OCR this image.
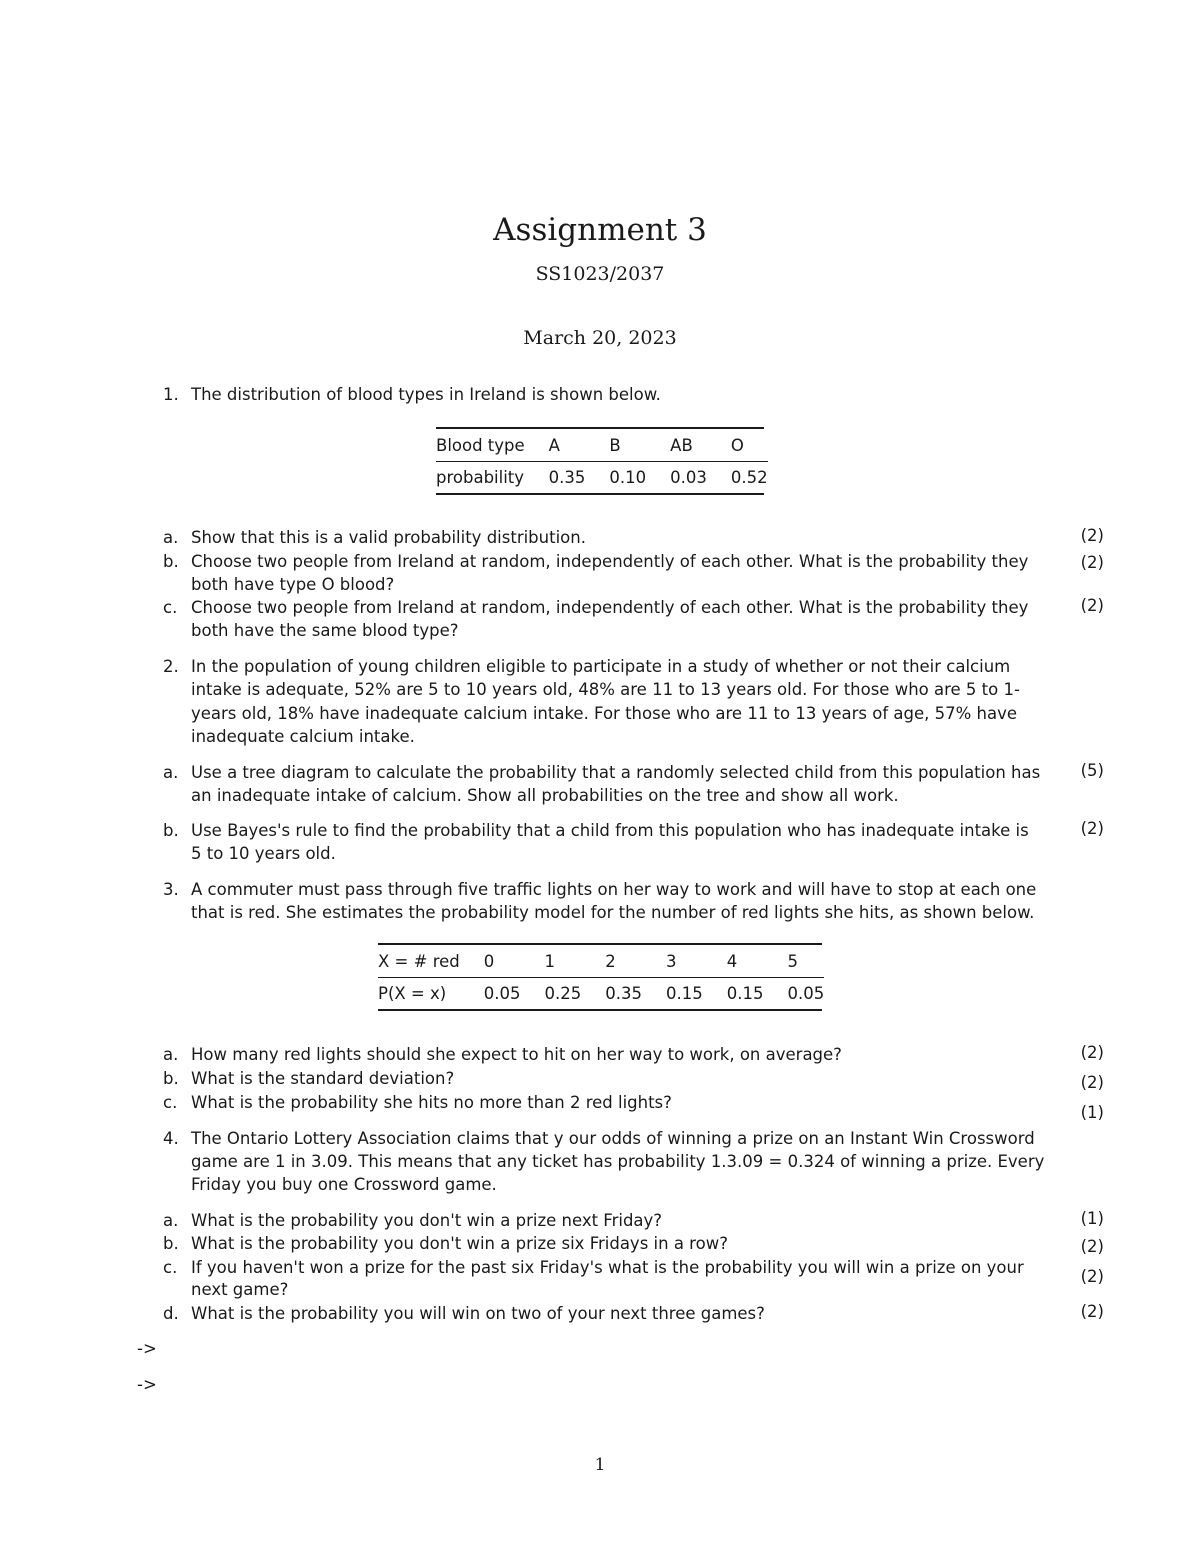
Assignment 3
SS1023/2037
March 20, 2023
1. The distribution of blood types in Ireland is shown below.
Blood type	A	B	AB	O
probability	0.35	0.10	0.03	0.52
a. Show that this is a valid probability distribution.	(2)
b. Choose two people from Ireland at random, independently of each other. What is the probability they
both have type O blood?
(2)
c. Choose two people from Ireland at random, independently of each other. What is the probability they
both have the same blood type?
(2)
2. In the population of young children eligible to participate in a study of whether or not their calcium
intake is adequate, 52% are 5 to 10 years old, 48% are 11 to 13 years old. For those who are 5 to 1-
years old, 18% have inadequate calcium intake. For those who are 11 to 13 years of age, 57% have
inadequate calcium intake.
a. Use a tree diagram to calculate the probability that a randomly selected child from this population has
an inadequate intake of calcium. Show all probabilities on the tree and show all work.
(5)
b. Use Bayes's rule to find the probability that a child from this population who has inadequate intake is
5 to 10 years old.
(2)
3. A commuter must pass through five traffic lights on her way to work and will have to stop at each one
that is red. She estimates the probability model for the number of red lights she hits, as shown below.
X = # red	0	1	2	3	4	5
P(X = x)	0.05	0.25	0.35	0.15	0.15	0.05
a. How many red lights should she expect to hit on her way to work, on average?	(2)
b. What is the standard deviation?	(2)
c. What is the probability she hits no more than 2 red lights?
(1)
4. The Ontario Lottery Association claims that y our odds of winning a prize on an Instant Win Crossword
game are 1 in 3.09. This means that any ticket has probability 1.3.09 = 0.324 of winning a prize. Every
Friday you buy one Crossword game.
a. What is the probability you don't win a prize next Friday?	(1)
b. What is the probability you don't win a prize six Fridays in a row?	(2)
c. If you haven't won a prize for the past six Friday's what is the probability you will win a prize on your
next game?
(2)
d. What is the probability you will win on two of your next three games?	(2)
->
->
1
